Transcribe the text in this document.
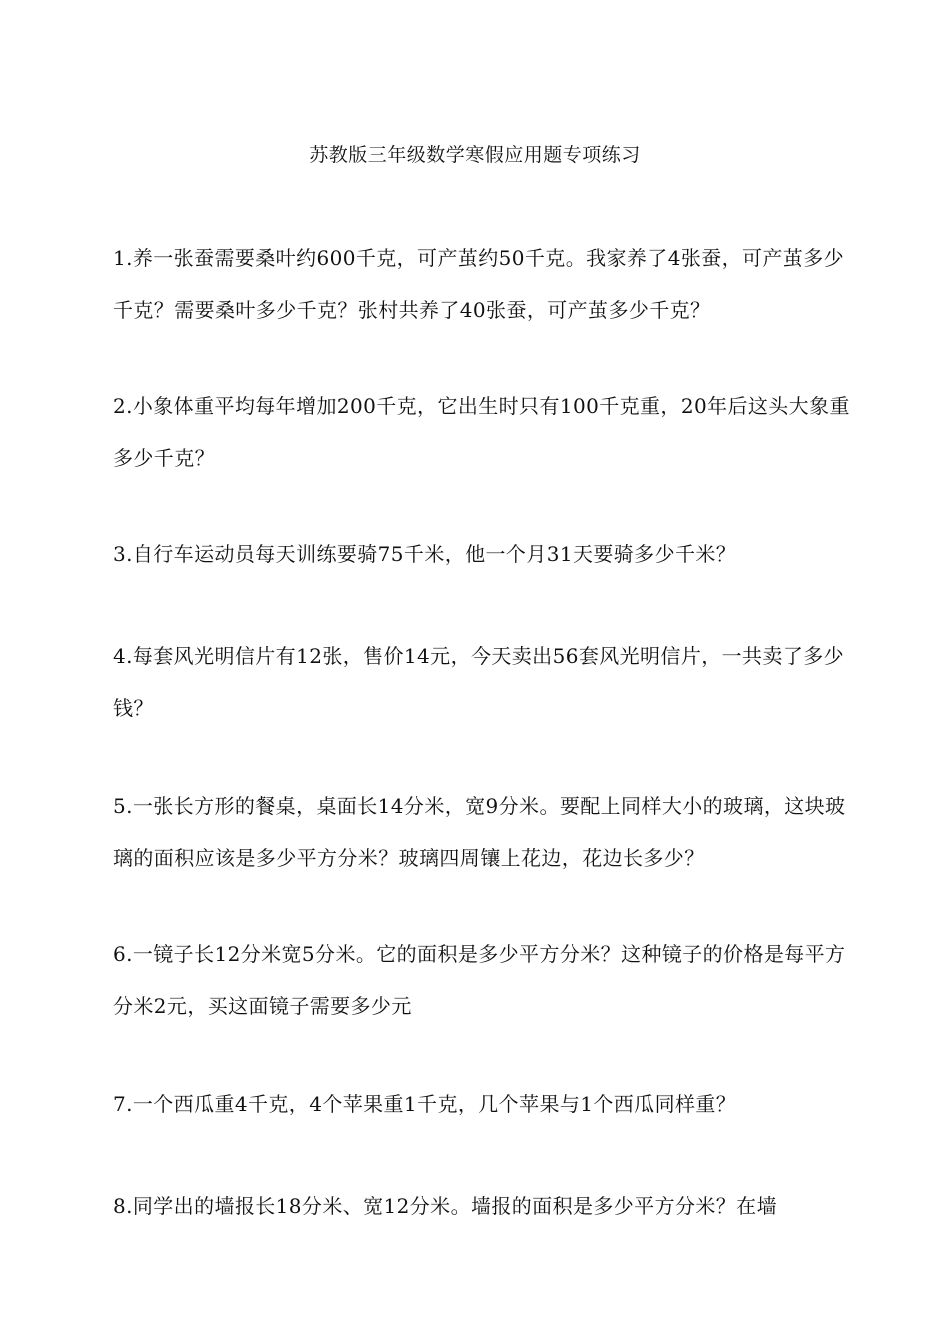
苏教版三年级数学寒假应用题专项练习
1.养一张蚕需要桑叶约600千克，可产茧约50千克。我家养了4张蚕，可产茧多少千克？需要桑叶多少千克？张村共养了40张蚕，可产茧多少千克？
2.小象体重平均每年增加200千克，它出生时只有100千克重，20年后这头大象重多少千克？
3.自行车运动员每天训练要骑75千米，他一个月31天要骑多少千米？
4.每套风光明信片有12张，售价14元，今天卖出56套风光明信片，一共卖了多少钱？
5.一张长方形的餐桌，桌面长14分米，宽9分米。要配上同样大小的玻璃，这块玻璃的面积应该是多少平方分米？玻璃四周镶上花边，花边长多少？
6.一镜子长12分米宽5分米。它的面积是多少平方分米？这种镜子的价格是每平方分米2元，买这面镜子需要多少元
7.一个西瓜重4千克，4个苹果重1千克，几个苹果与1个西瓜同样重？
8.同学出的墙报长18分米、宽12分米。墙报的面积是多少平方分米？在墙
